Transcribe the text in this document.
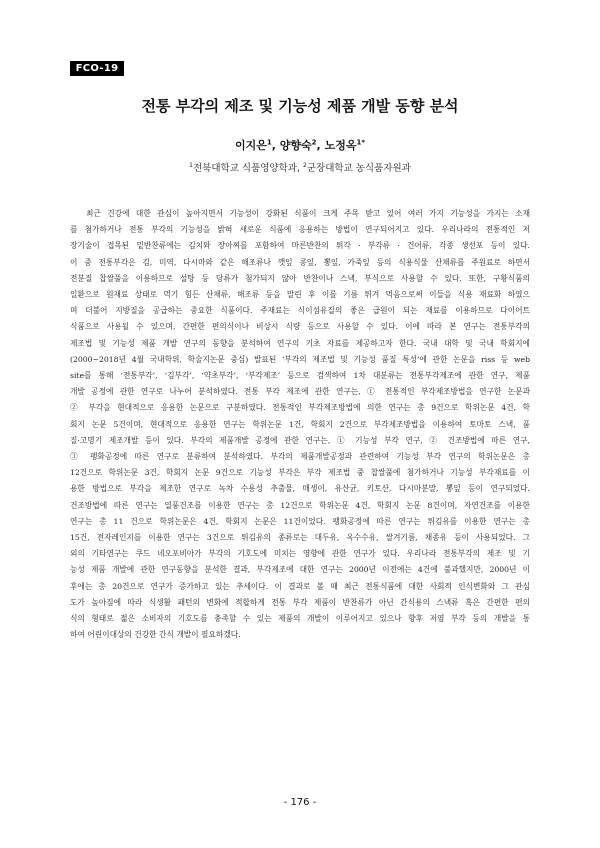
FCO-19
전통 부각의 제조 및 기능성 제품 개발 동향 분석
이지은$^1$, 양향숙$^2$, 노정옥$^{1*}$
$^1$전북대학교 식품영양학과, $^2$군장대학교 농식품자원과
최근 건강에 대한 관심이 높아지면서 기능성이 강화된 식품이 크게 주목 받고 있어 여러 가지 기능성을 가지는 소재
를 첨가하거나 전통 부각의 기능성을 밝혀 새로운 식품에 응용하는 방법이 연구되어지고 있다. 우리나라의 전통적인 저
장기술이 접목된 밑반찬류에는 김치와 장아찌를 포함하여 마른반찬의 튀각 · 부각류 · 건어류, 각종 생선포 등이 있다.
이 중 전통부각은 김, 미역, 다시마와 같은 해조류나 깻잎 콩잎, 뽕잎, 가죽잎 등의 식용식물 산채류를 주원료로 하면서
전분질 찹쌀풀을 이용하므로 설탕 등 당류가 첨가되지 않아 반찬이나 스낵, 부식으로 사용할 수 있다. 또한, 구황식품의
일환으로 원재료 상태로 먹기 힘든 산채류, 해조류 등을 말린 후 이를 기름 튀겨 먹음으로써 이들을 식용 재료화 하였으
며 더불어 지방질을 공급하는 중요한 식품이다. 주재료는 식이섬유질의 좋은 급원이 되는 재료를 이용하므로 다이어트
식품으로 사용될 수 있으며, 간편한 편의식이나 비상시 식량 등으로 사용할 수 있다. 이에 따라 본 연구는 전통부각의
제조법 및 기능성 제품 개발 연구의 동향을 분석하여 연구의 기초 자료를 제공하고자 한다. 국내 대학 및 국내 학회지에
(2000~2018년 4월 국내학위, 학술지논문 중심) 발표된 ‘부각의 제조법 및 기능성 품질 특성’에 관한 논문을 riss 등 web
site를 통해 ‘전통부각’, ‘김부각’, ‘약초부각’, ‘부각제조’ 등으로 검색하여 1차 대분류는 전통부각제조에 관한 연구, 제품
개발 공정에 관한 연구로 나누어 분석하였다. 전통 부각 제조에 관한 연구는, ① 전통적인 부각제조방법을 연구한 논문과
② 부각을 현대적으로 응용한 논문으로 구분하였다. 전통적인 부각제조방법에 의한 연구는 총 9건으로 학위논문 4건, 학
회지 논문 5건이며, 현대적으로 응용한 연구는 학위논문 1건, 학회지 2건으로 부각제조방법을 이용하여 토마토 스낵, 품
질·고명기 제조개발 등이 있다. 부각의 제품개발 공정에 관한 연구는, ① 기능성 부각 연구, ② 건조방법에 따른 연구,
③ 팽화공정에 따른 연구로 분류하여 분석하였다. 부각의 제품개발공정과 관련하여 기능성 부각 연구의 학위논문은 총
12건으로 학위논문 3건, 학회지 논문 9건으로 기능성 부각은 부각 제조법 중 찹쌀풀에 첨가하거나 기능성 부각재료를 이
용한 방법으로 부각을 제조한 연구로 녹차 수용성 추출물, 매생이, 유산균, 키토산, 다시마분말, 뽕잎 등이 연구되었다.
건조방법에 따른 연구는 열풍건조를 이용한 연구는 총 12건으로 학위논문 4건, 학회지 논문 8건이며, 자연건조를 이용한
연구는 총 11 건으로 학위논문은 4건, 학회지 논문은 11건이었다. 팽화공정에 따른 연구는 튀김유를 이용한 연구는 총
15건, 전자레인지를 이용한 연구는 3건으로 튀김유의 종류로는 대두유, 옥수수유, 쌀겨기름, 채종유 등이 사용되었다. 그
외의 기타연구는 쿠드 네오포비아가 부각의 기호도에 미치는 영향에 관한 연구가 있다. 우리나라 전통부각의 제조 및 기
능성 제품 개발에 관한 연구동향을 분석한 결과, 부각제조에 대한 연구는 2000년 이전에는 4건에 불과했지만, 2000년 이
후에는 총 20건으로 연구가 증가하고 있는 추세이다. 이 결과로 볼 때 최근 전통식품에 대한 사회적 인식변화와 그 관심
도가 높아짐에 따라 식생활 패턴의 변화에 적합하게 전통 부각 제품이 반찬류가 아닌 간식용의 스낵류 혹은 간편한 편의
식의 형태로 젊은 소비자의 기호도를 충족할 수 있는 제품의 개발이 이루어지고 있으나 향후 저염 부각 등의 개발을 통
하여 어린이대상의 건강한 간식 개발이 필요하겠다.
- 176 -
